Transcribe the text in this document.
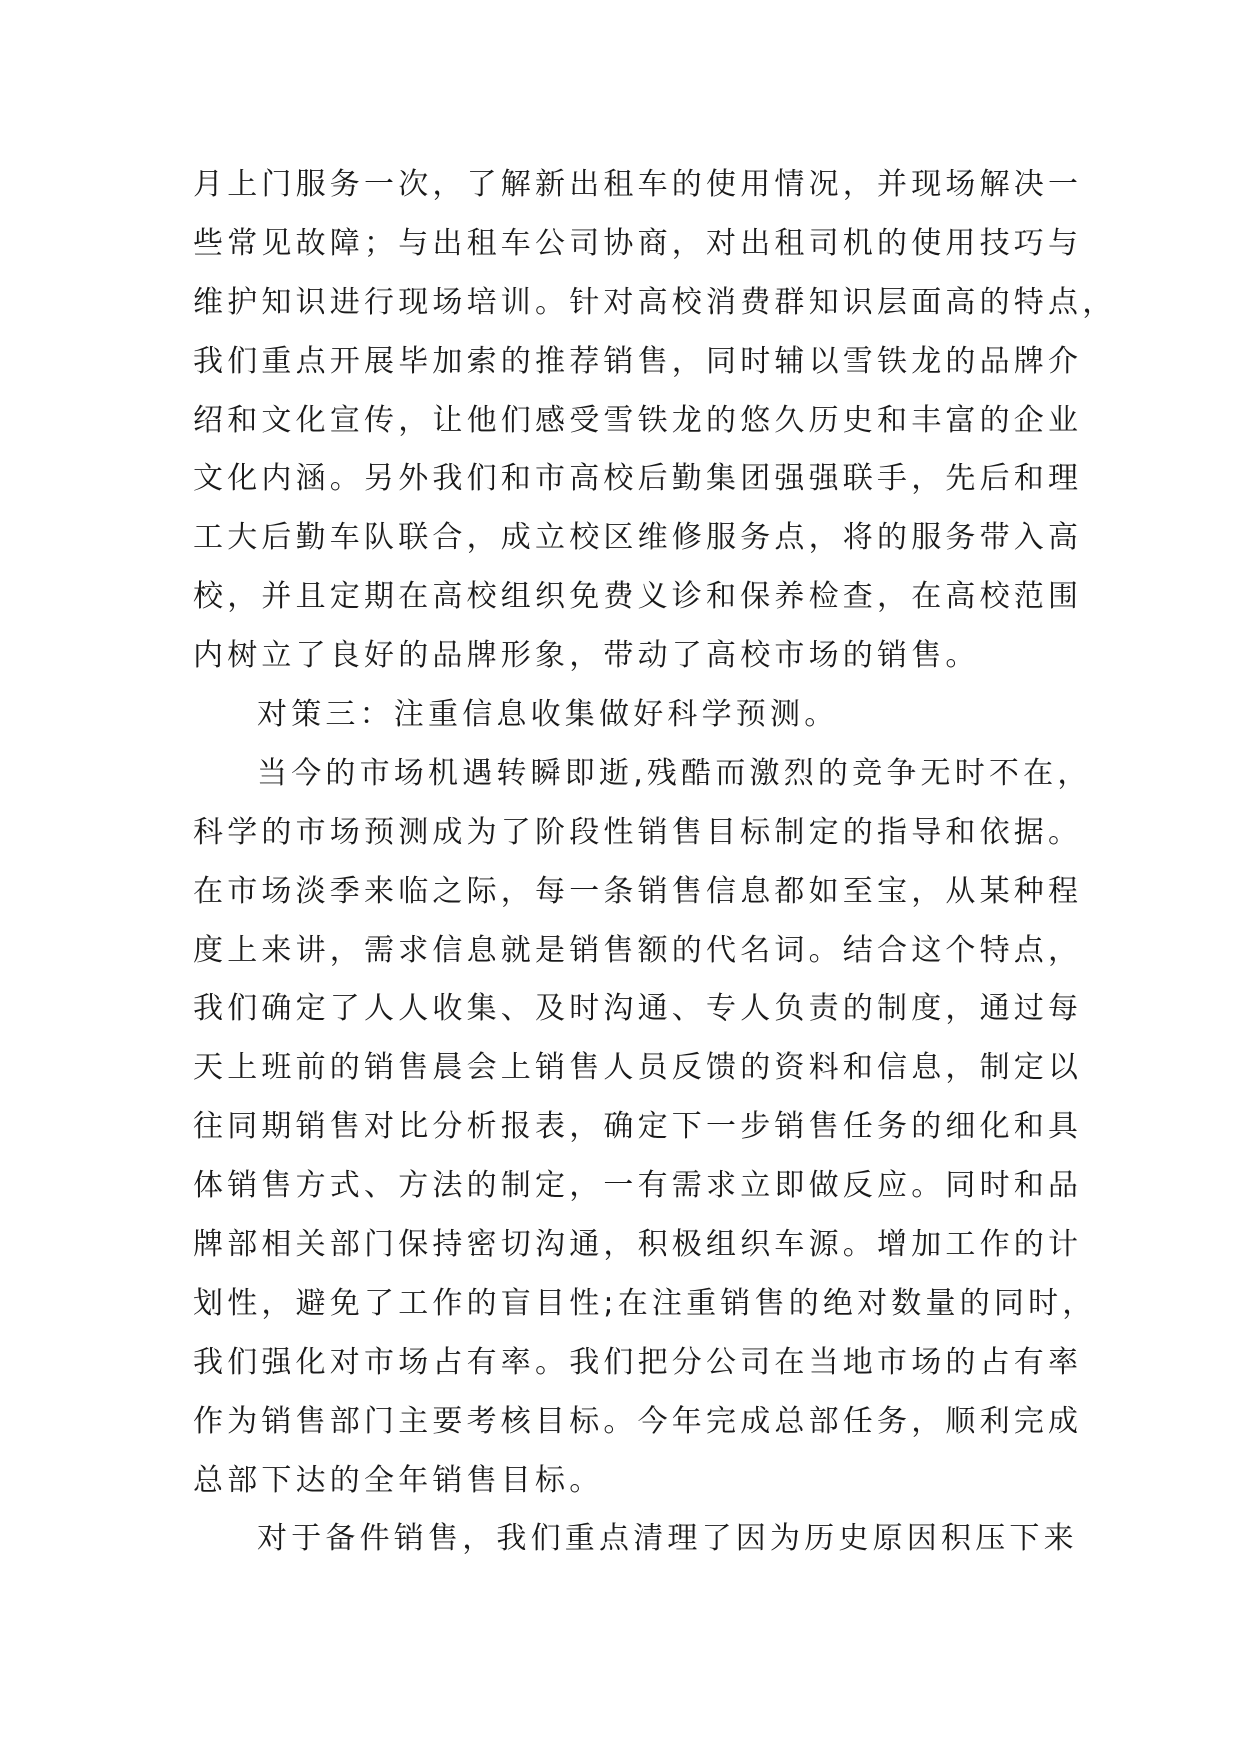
月上门服务一次，了解新出租车的使用情况，并现场解决一
些常见故障；与出租车公司协商，对出租司机的使用技巧与
维护知识进行现场培训。针对高校消费群知识层面高的特点，
我们重点开展毕加索的推荐销售，同时辅以雪铁龙的品牌介
绍和文化宣传，让他们感受雪铁龙的悠久历史和丰富的企业
文化内涵。另外我们和市高校后勤集团强强联手，先后和理
工大后勤车队联合，成立校区维修服务点，将的服务带入高
校，并且定期在高校组织免费义诊和保养检查，在高校范围
内树立了良好的品牌形象，带动了高校市场的销售。
对策三：注重信息收集做好科学预测。
当今的市场机遇转瞬即逝,残酷而激烈的竞争无时不在，
科学的市场预测成为了阶段性销售目标制定的指导和依据。
在市场淡季来临之际，每一条销售信息都如至宝，从某种程
度上来讲，需求信息就是销售额的代名词。结合这个特点，
我们确定了人人收集、及时沟通、专人负责的制度，通过每
天上班前的销售晨会上销售人员反馈的资料和信息，制定以
往同期销售对比分析报表，确定下一步销售任务的细化和具
体销售方式、方法的制定，一有需求立即做反应。同时和品
牌部相关部门保持密切沟通，积极组织车源。增加工作的计
划性，避免了工作的盲目性;在注重销售的绝对数量的同时，
我们强化对市场占有率。我们把分公司在当地市场的占有率
作为销售部门主要考核目标。今年完成总部任务，顺利完成
总部下达的全年销售目标。
对于备件销售，我们重点清理了因为历史原因积压下来
